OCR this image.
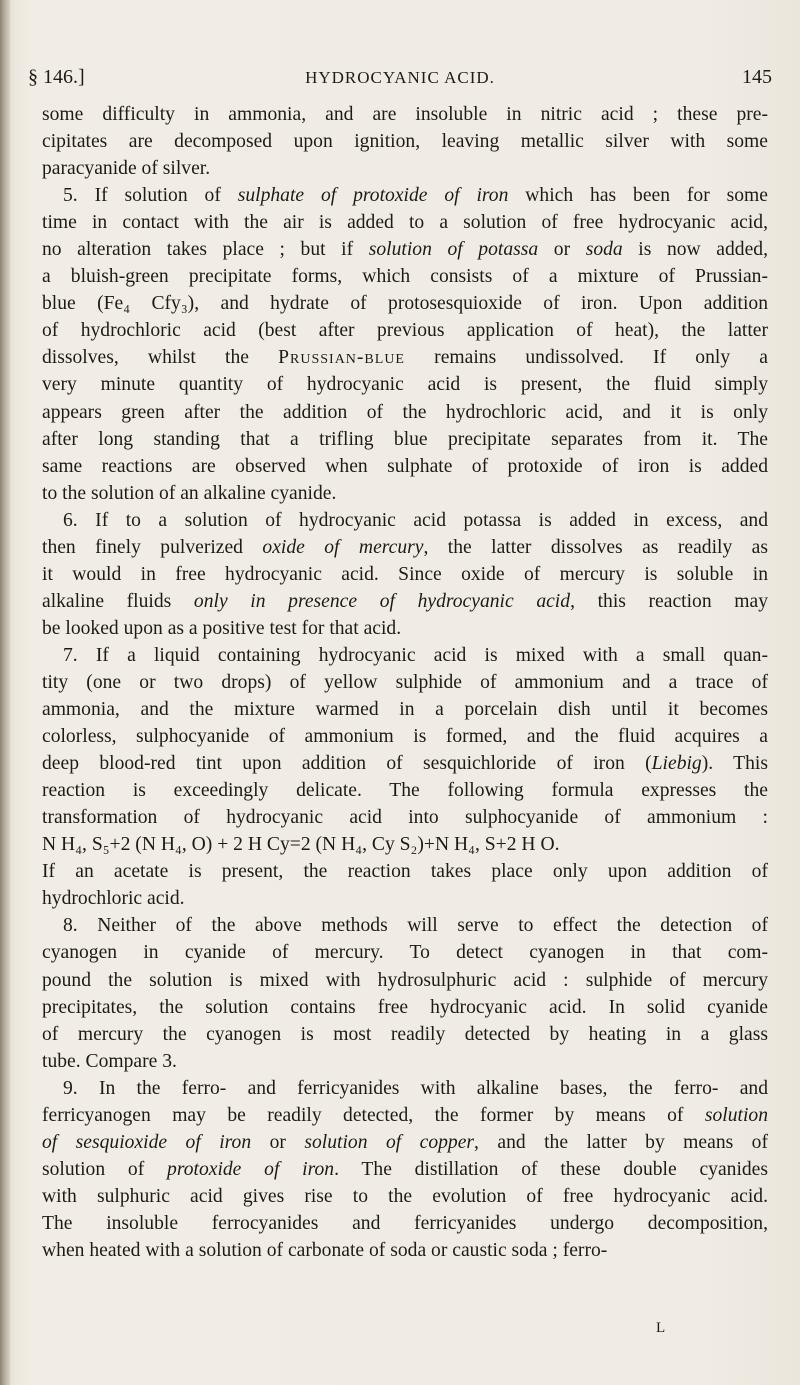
§ 146.]	HYDROCYANIC ACID.	145
some difficulty in ammonia, and are insoluble in nitric acid ; these pre-
cipitates are decomposed upon ignition, leaving metallic silver with some
paracyanide of silver.
5. If solution of sulphate of protoxide of iron which has been for some
time in contact with the air is added to a solution of free hydrocyanic acid,
no alteration takes place ; but if solution of potassa or soda is now added,
a bluish-green precipitate forms, which consists of a mixture of Prussian-
blue (Fe₄ Cfy₃), and hydrate of protosesquioxide of iron. Upon addition
of hydrochloric acid (best after previous application of heat), the latter
dissolves, whilst the Prussian-blue remains undissolved. If only a
very minute quantity of hydrocyanic acid is present, the fluid simply
appears green after the addition of the hydrochloric acid, and it is only
after long standing that a trifling blue precipitate separates from it. The
same reactions are observed when sulphate of protoxide of iron is added
to the solution of an alkaline cyanide.
6. If to a solution of hydrocyanic acid potassa is added in excess, and
then finely pulverized oxide of mercury, the latter dissolves as readily as
it would in free hydrocyanic acid. Since oxide of mercury is soluble in
alkaline fluids only in presence of hydrocyanic acid, this reaction may
be looked upon as a positive test for that acid.
7. If a liquid containing hydrocyanic acid is mixed with a small quan-
tity (one or two drops) of yellow sulphide of ammonium and a trace of
ammonia, and the mixture warmed in a porcelain dish until it becomes
colorless, sulphocyanide of ammonium is formed, and the fluid acquires a
deep blood-red tint upon addition of sesquichloride of iron (Liebig). This
reaction is exceedingly delicate. The following formula expresses the
transformation of hydrocyanic acid into sulphocyanide of ammonium :
N H₄, S₅+2 (N H₄, O) + 2 H Cy=2 (N H₄, Cy S₂)+N H₄, S+2 H O.
If an acetate is present, the reaction takes place only upon addition of
hydrochloric acid.
8. Neither of the above methods will serve to effect the detection of
cyanogen in cyanide of mercury. To detect cyanogen in that com-
pound the solution is mixed with hydrosulphuric acid : sulphide of mercury
precipitates, the solution contains free hydrocyanic acid. In solid cyanide
of mercury the cyanogen is most readily detected by heating in a glass
tube. Compare 3.
9. In the ferro- and ferricyanides with alkaline bases, the ferro- and
ferricyanogen may be readily detected, the former by means of solution
of sesquioxide of iron or solution of copper, and the latter by means of
solution of protoxide of iron. The distillation of these double cyanides
with sulphuric acid gives rise to the evolution of free hydrocyanic acid.
The insoluble ferrocyanides and ferricyanides undergo decomposition,
when heated with a solution of carbonate of soda or caustic soda ; ferro-
L
